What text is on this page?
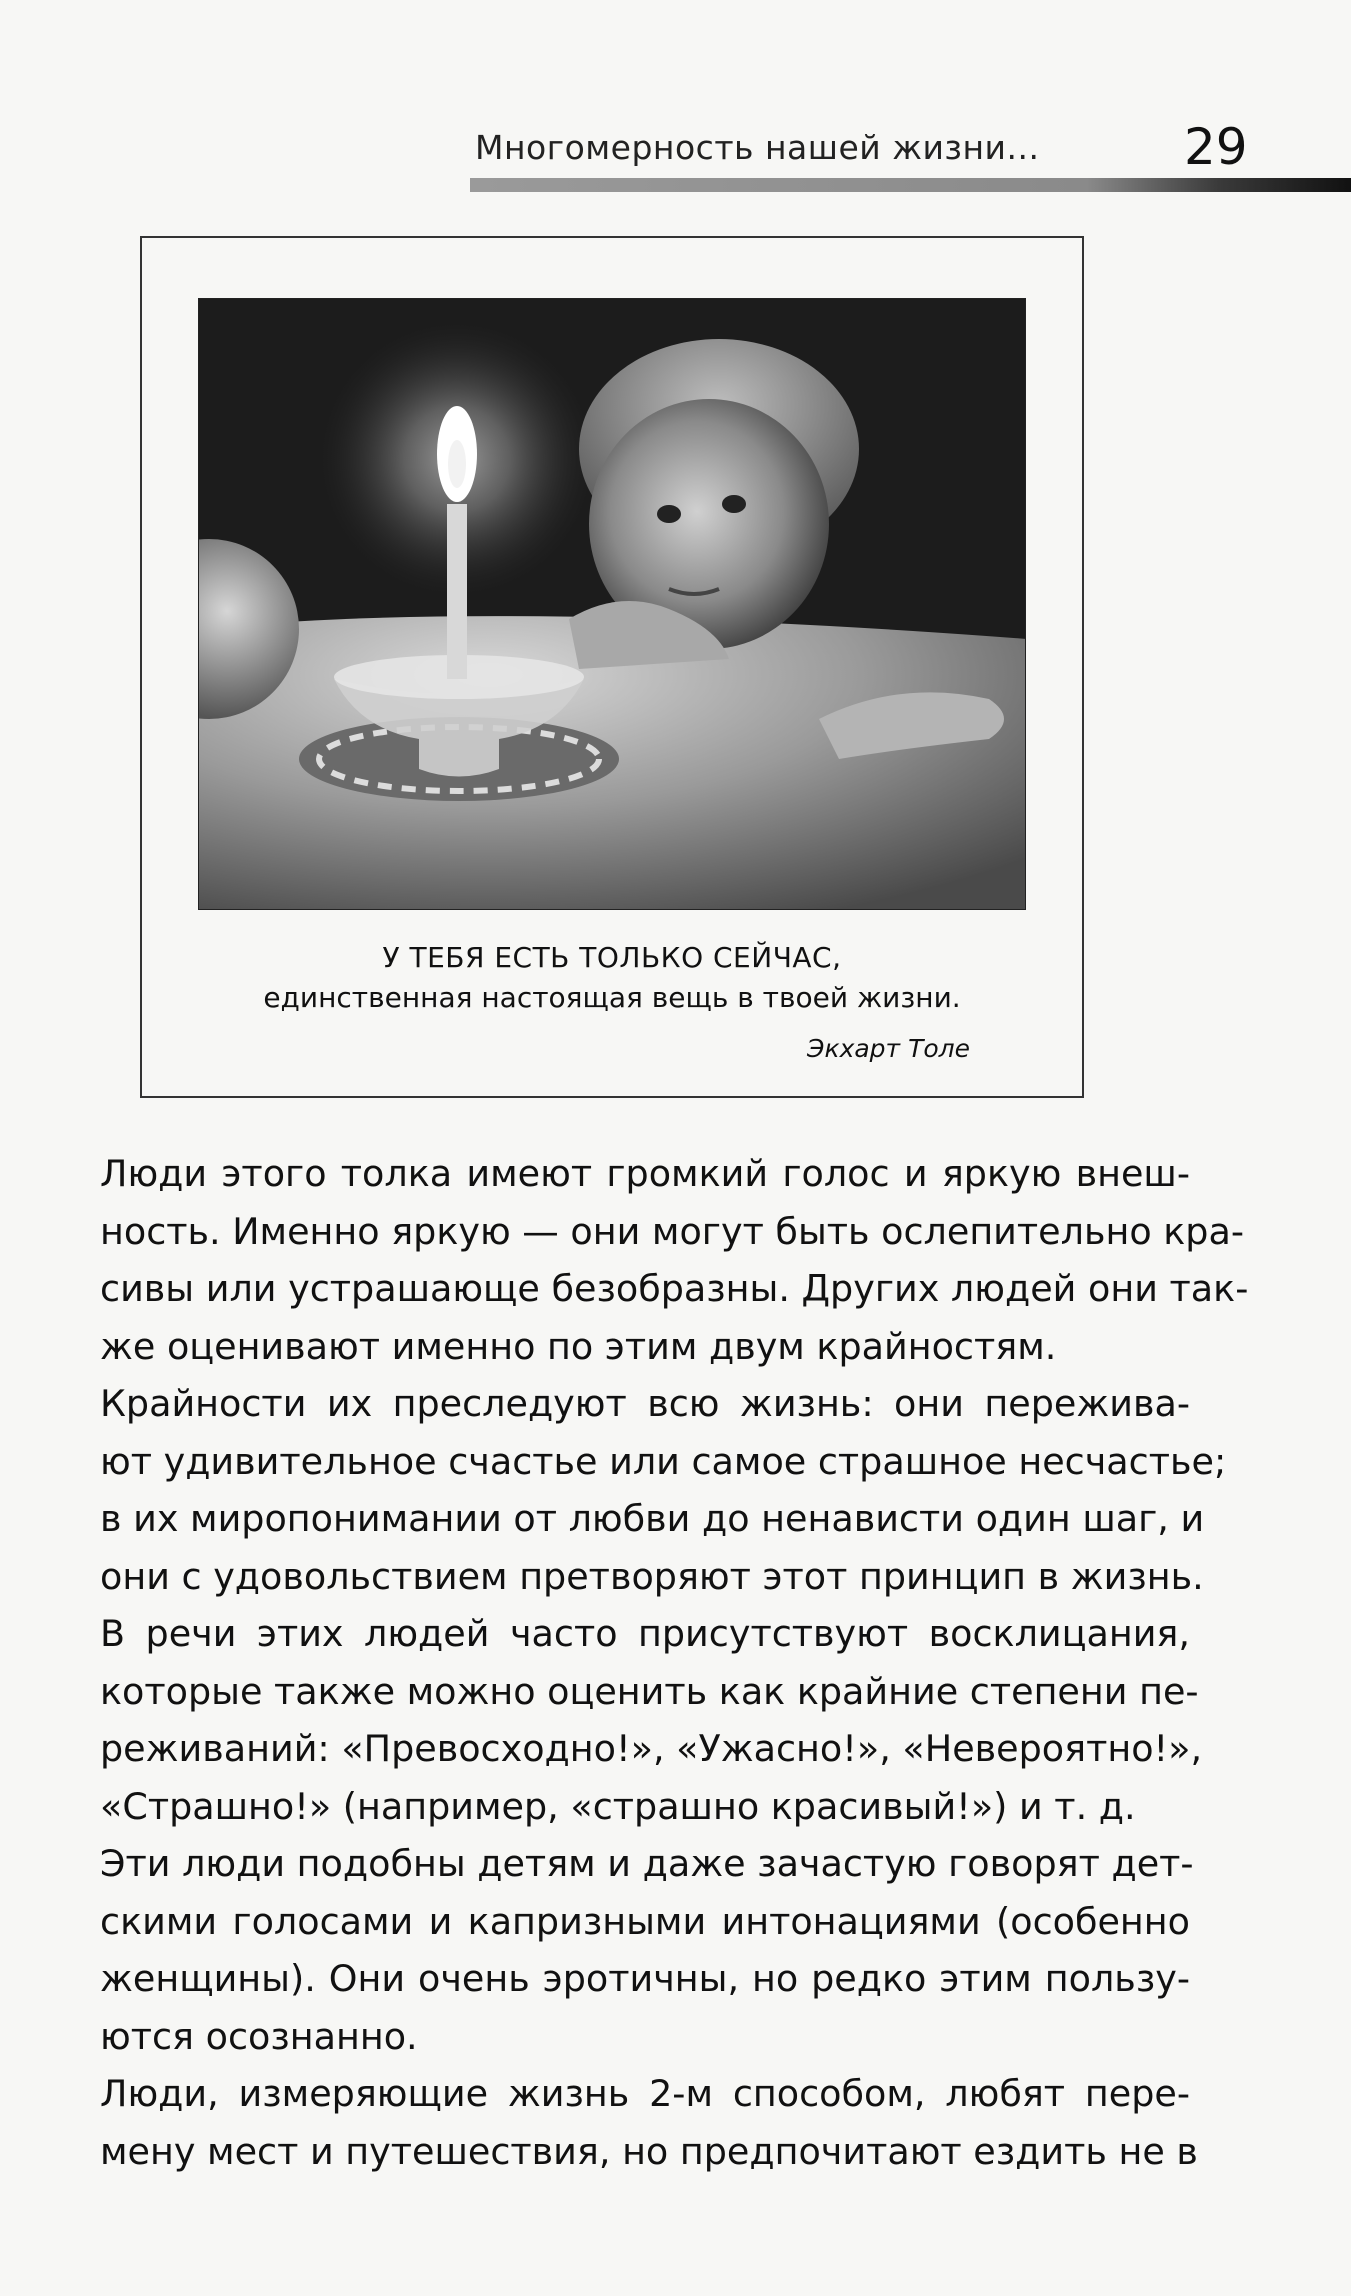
Многомерность нашей жизни...	29
У ТЕБЯ ЕСТЬ ТОЛЬКО СЕЙЧАС,
единственная настоящая вещь в твоей жизни.
Экхарт Толе
Люди этого толка имеют громкий голос и яркую внеш-
ность. Именно яркую — они могут быть ослепительно кра-
сивы или устрашающе безобразны. Других людей они так-
же оценивают именно по этим двум крайностям.
Крайности их преследуют всю жизнь: они пережива-
ют удивительное счастье или самое страшное несчастье;
в их миропонимании от любви до ненависти один шаг, и
они с удовольствием претворяют этот принцип в жизнь.
В речи этих людей часто присутствуют восклицания,
которые также можно оценить как крайние степени пе-
реживаний: «Превосходно!», «Ужасно!», «Невероятно!»,
«Страшно!» (например, «страшно красивый!») и т. д.
Эти люди подобны детям и даже зачастую говорят дет-
скими голосами и капризными интонациями (особенно
женщины). Они очень эротичны, но редко этим пользу-
ются осознанно.
Люди, измеряющие жизнь 2-м способом, любят пере-
мену мест и путешествия, но предпочитают ездить не в
